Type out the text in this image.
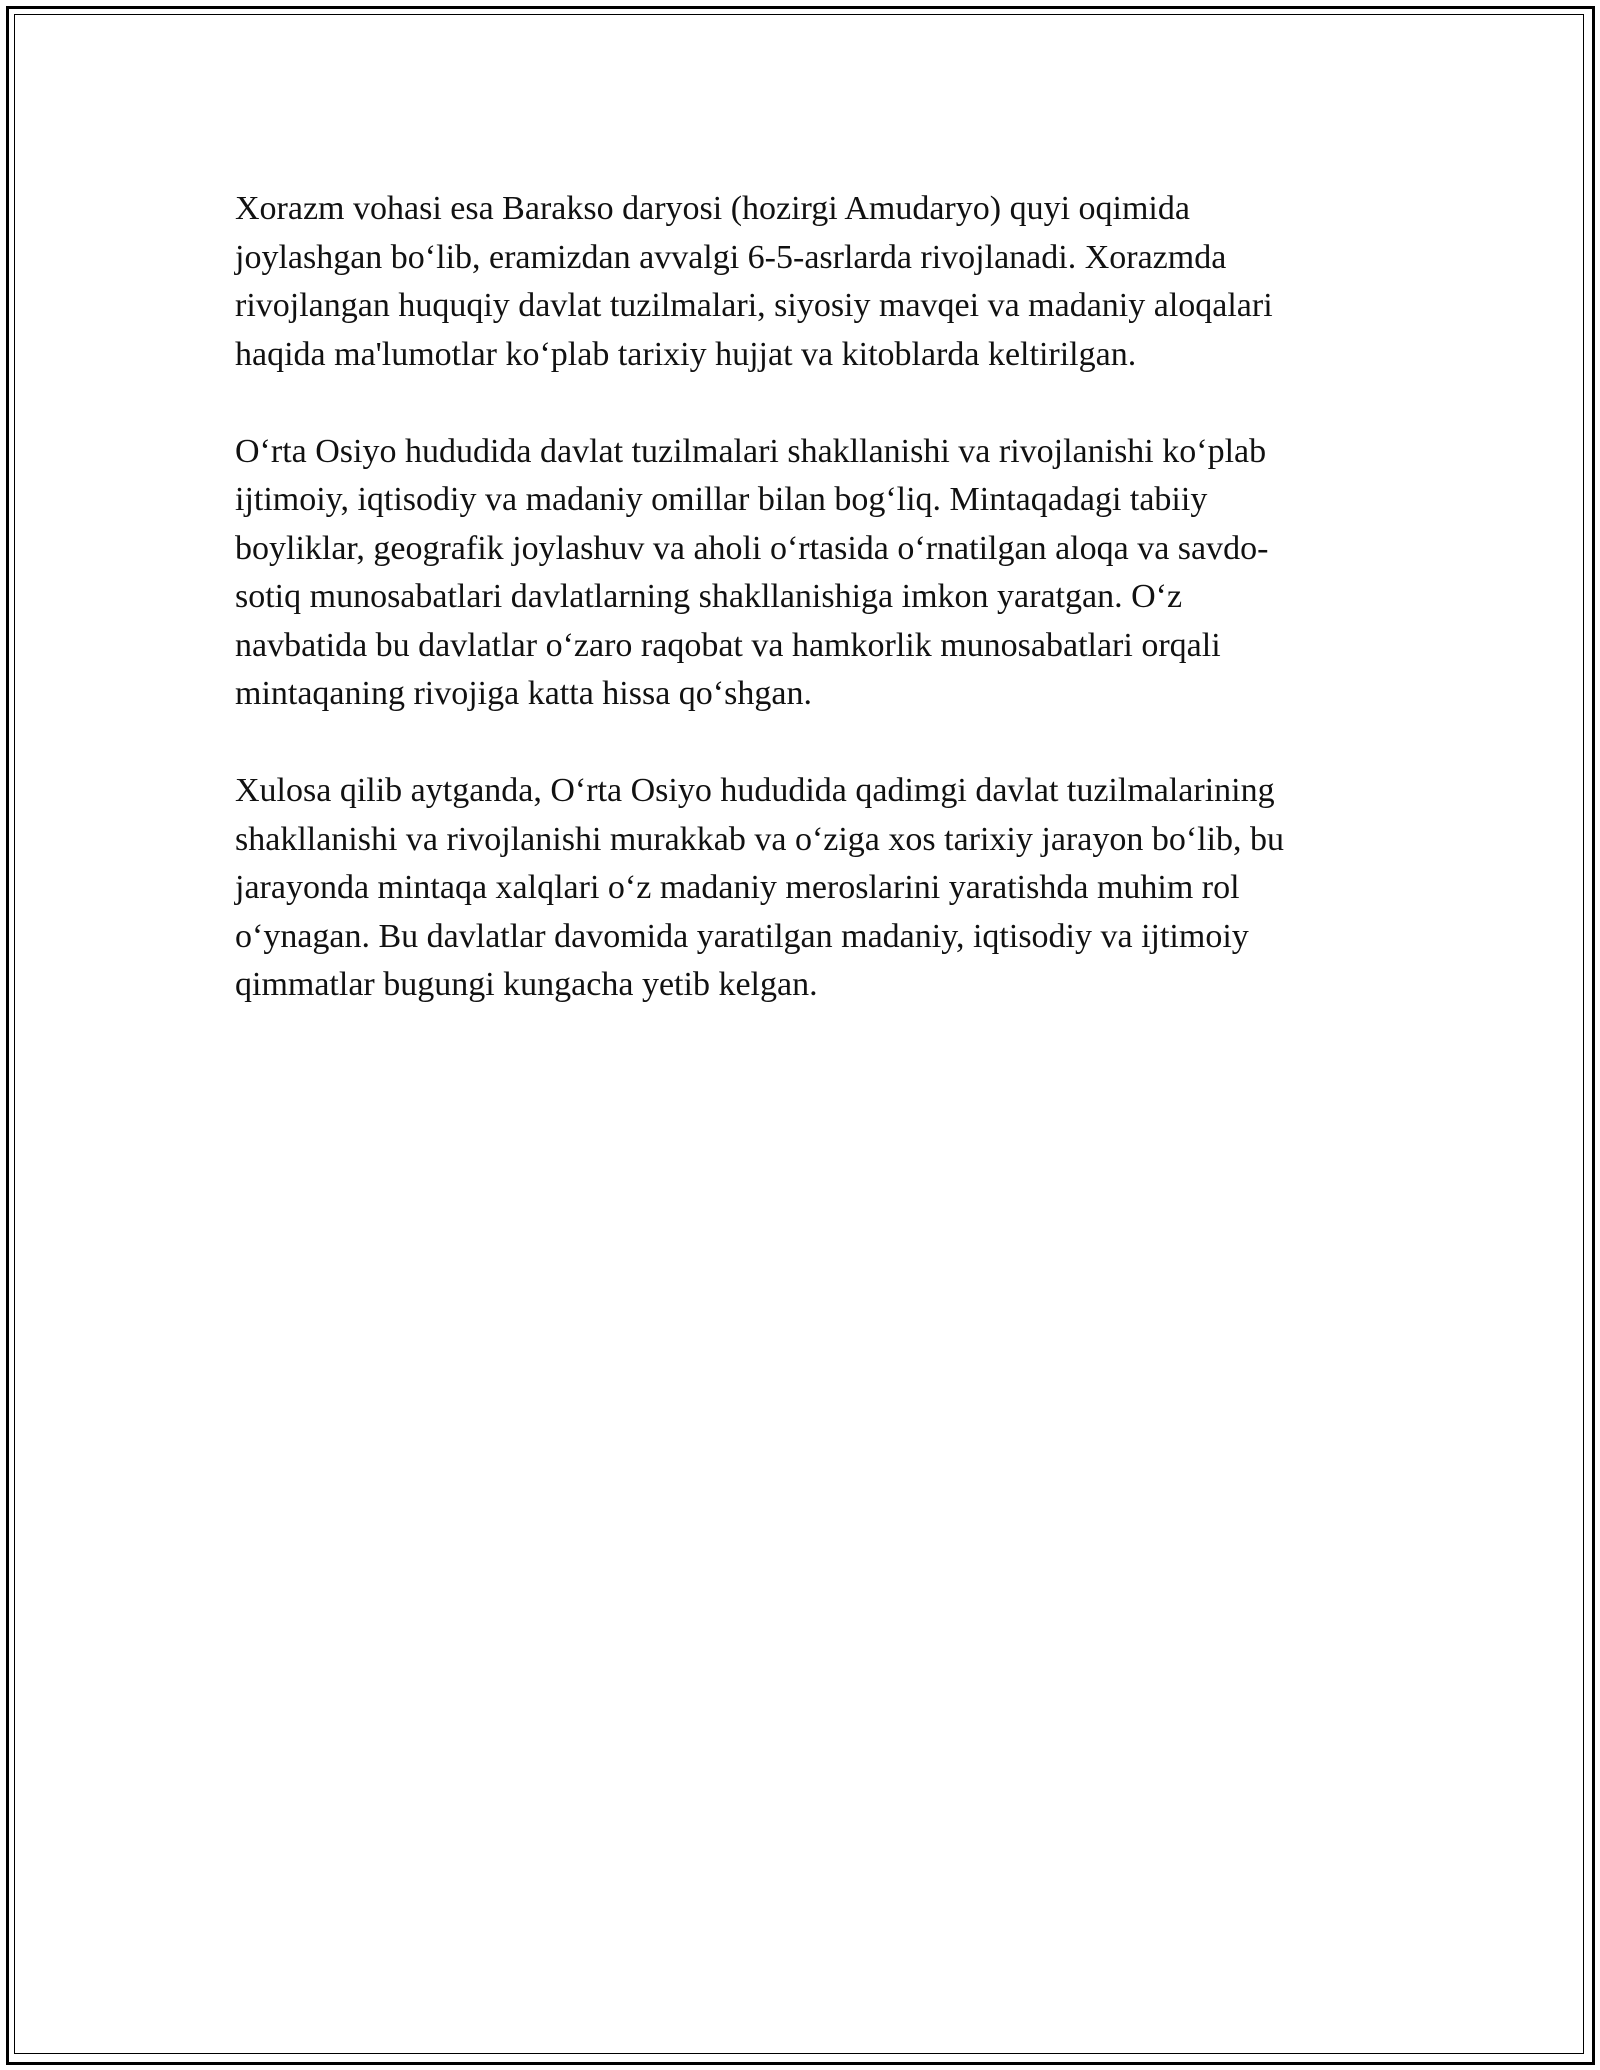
Xorazm vohasi esa Barakso daryosi (hozirgi Amudaryo) quyi oqimida
joylashgan bo‘lib, eramizdan avvalgi 6-5-asrlarda rivojlanadi. Xorazmda
rivojlangan huquqiy davlat tuzilmalari, siyosiy mavqei va madaniy aloqalari
haqida ma'lumotlar ko‘plab tarixiy hujjat va kitoblarda keltirilgan.

O‘rta Osiyo hududida davlat tuzilmalari shakllanishi va rivojlanishi ko‘plab
ijtimoiy, iqtisodiy va madaniy omillar bilan bog‘liq. Mintaqadagi tabiiy
boyliklar, geografik joylashuv va aholi o‘rtasida o‘rnatilgan aloqa va savdo-
sotiq munosabatlari davlatlarning shakllanishiga imkon yaratgan. O‘z
navbatida bu davlatlar o‘zaro raqobat va hamkorlik munosabatlari orqali
mintaqaning rivojiga katta hissa qo‘shgan.

Xulosa qilib aytganda, O‘rta Osiyo hududida qadimgi davlat tuzilmalarining
shakllanishi va rivojlanishi murakkab va o‘ziga xos tarixiy jarayon bo‘lib, bu
jarayonda mintaqa xalqlari o‘z madaniy meroslarini yaratishda muhim rol
o‘ynagan. Bu davlatlar davomida yaratilgan madaniy, iqtisodiy va ijtimoiy
qimmatlar bugungi kungacha yetib kelgan.
